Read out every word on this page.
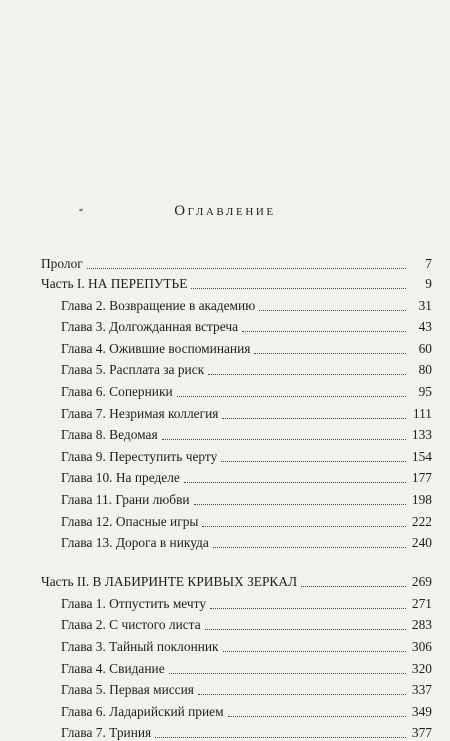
Оглавление
Пролог	7
Часть I. НА ПЕРЕПУТЬЕ	9
Глава 2. Возвращение в академию	31
Глава 3. Долгожданная встреча	43
Глава 4. Ожившие воспоминания	60
Глава 5. Расплата за риск	80
Глава 6. Соперники	95
Глава 7. Незримая коллегия	111
Глава 8. Ведомая	133
Глава 9. Переступить черту	154
Глава 10. На пределе	177
Глава 11. Грани любви	198
Глава 12. Опасные игры	222
Глава 13. Дорога в никуда	240
Часть II. В ЛАБИРИНТЕ КРИВЫХ ЗЕРКАЛ	269
Глава 1. Отпустить мечту	271
Глава 2. С чистого листа	283
Глава 3. Тайный поклонник	306
Глава 4. Свидание	320
Глава 5. Первая миссия	337
Глава 6. Ладарийский прием	349
Глава 7. Триния	377
